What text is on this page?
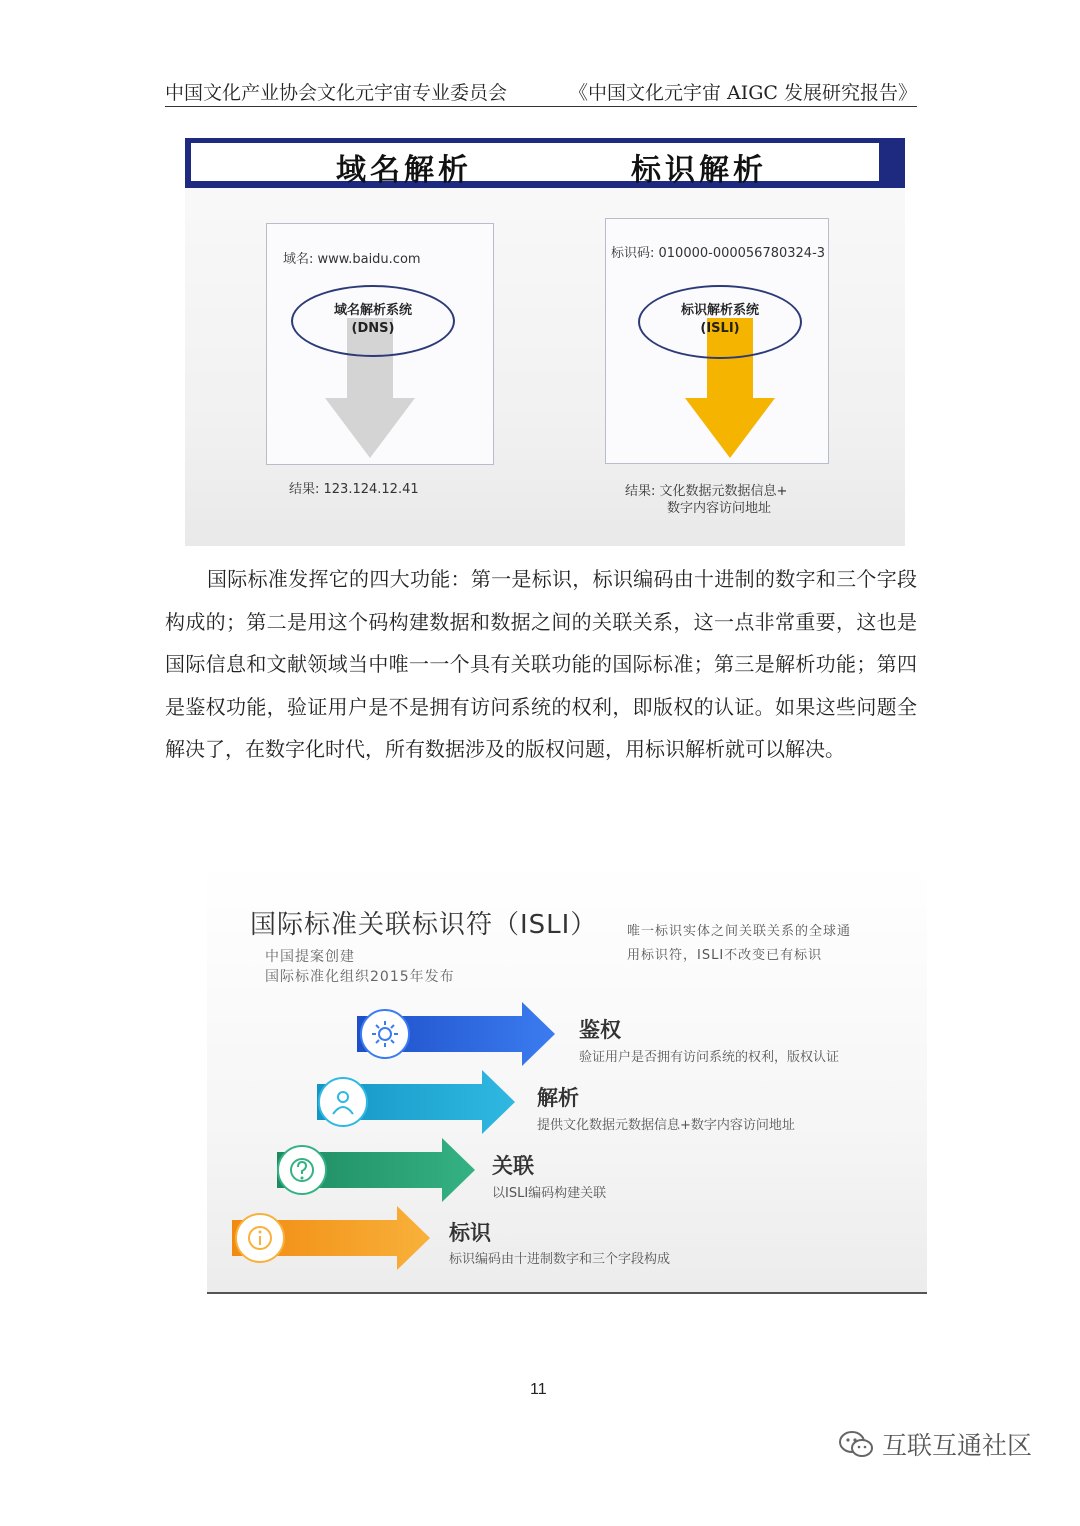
中国文化产业协会文化元宇宙专业委员会	《中国文化元宇宙 AIGC 发展研究报告》
域名解析	标识解析
域名: www.baidu.com
域名解析系统
(DNS)
结果: 123.124.12.41
标识码: 010000-000056780324-3
标识解析系统
(ISLI)
结果: 文化数据元数据信息+
数字内容访问地址
国际标准发挥它的四大功能：第一是标识，标识编码由十进制的数字和三个字段构成的；第二是用这个码构建数据和数据之间的关联关系，这一点非常重要，这也是国际信息和文献领域当中唯一一个具有关联功能的国际标准；第三是解析功能；第四是鉴权功能，验证用户是不是拥有访问系统的权利，即版权的认证。如果这些问题全解决了，在数字化时代，所有数据涉及的版权问题，用标识解析就可以解决。
国际标准关联标识符（ISLI）
中国提案创建
国际标准化组织2015年发布
唯一标识实体之间关联关系的全球通
用标识符，ISLI不改变已有标识
鉴权
验证用户是否拥有访问系统的权利，版权认证
解析
提供文化数据元数据信息+数字内容访问地址
关联
以ISLI编码构建关联
标识
标识编码由十进制数字和三个字段构成
11
互联互通社区
